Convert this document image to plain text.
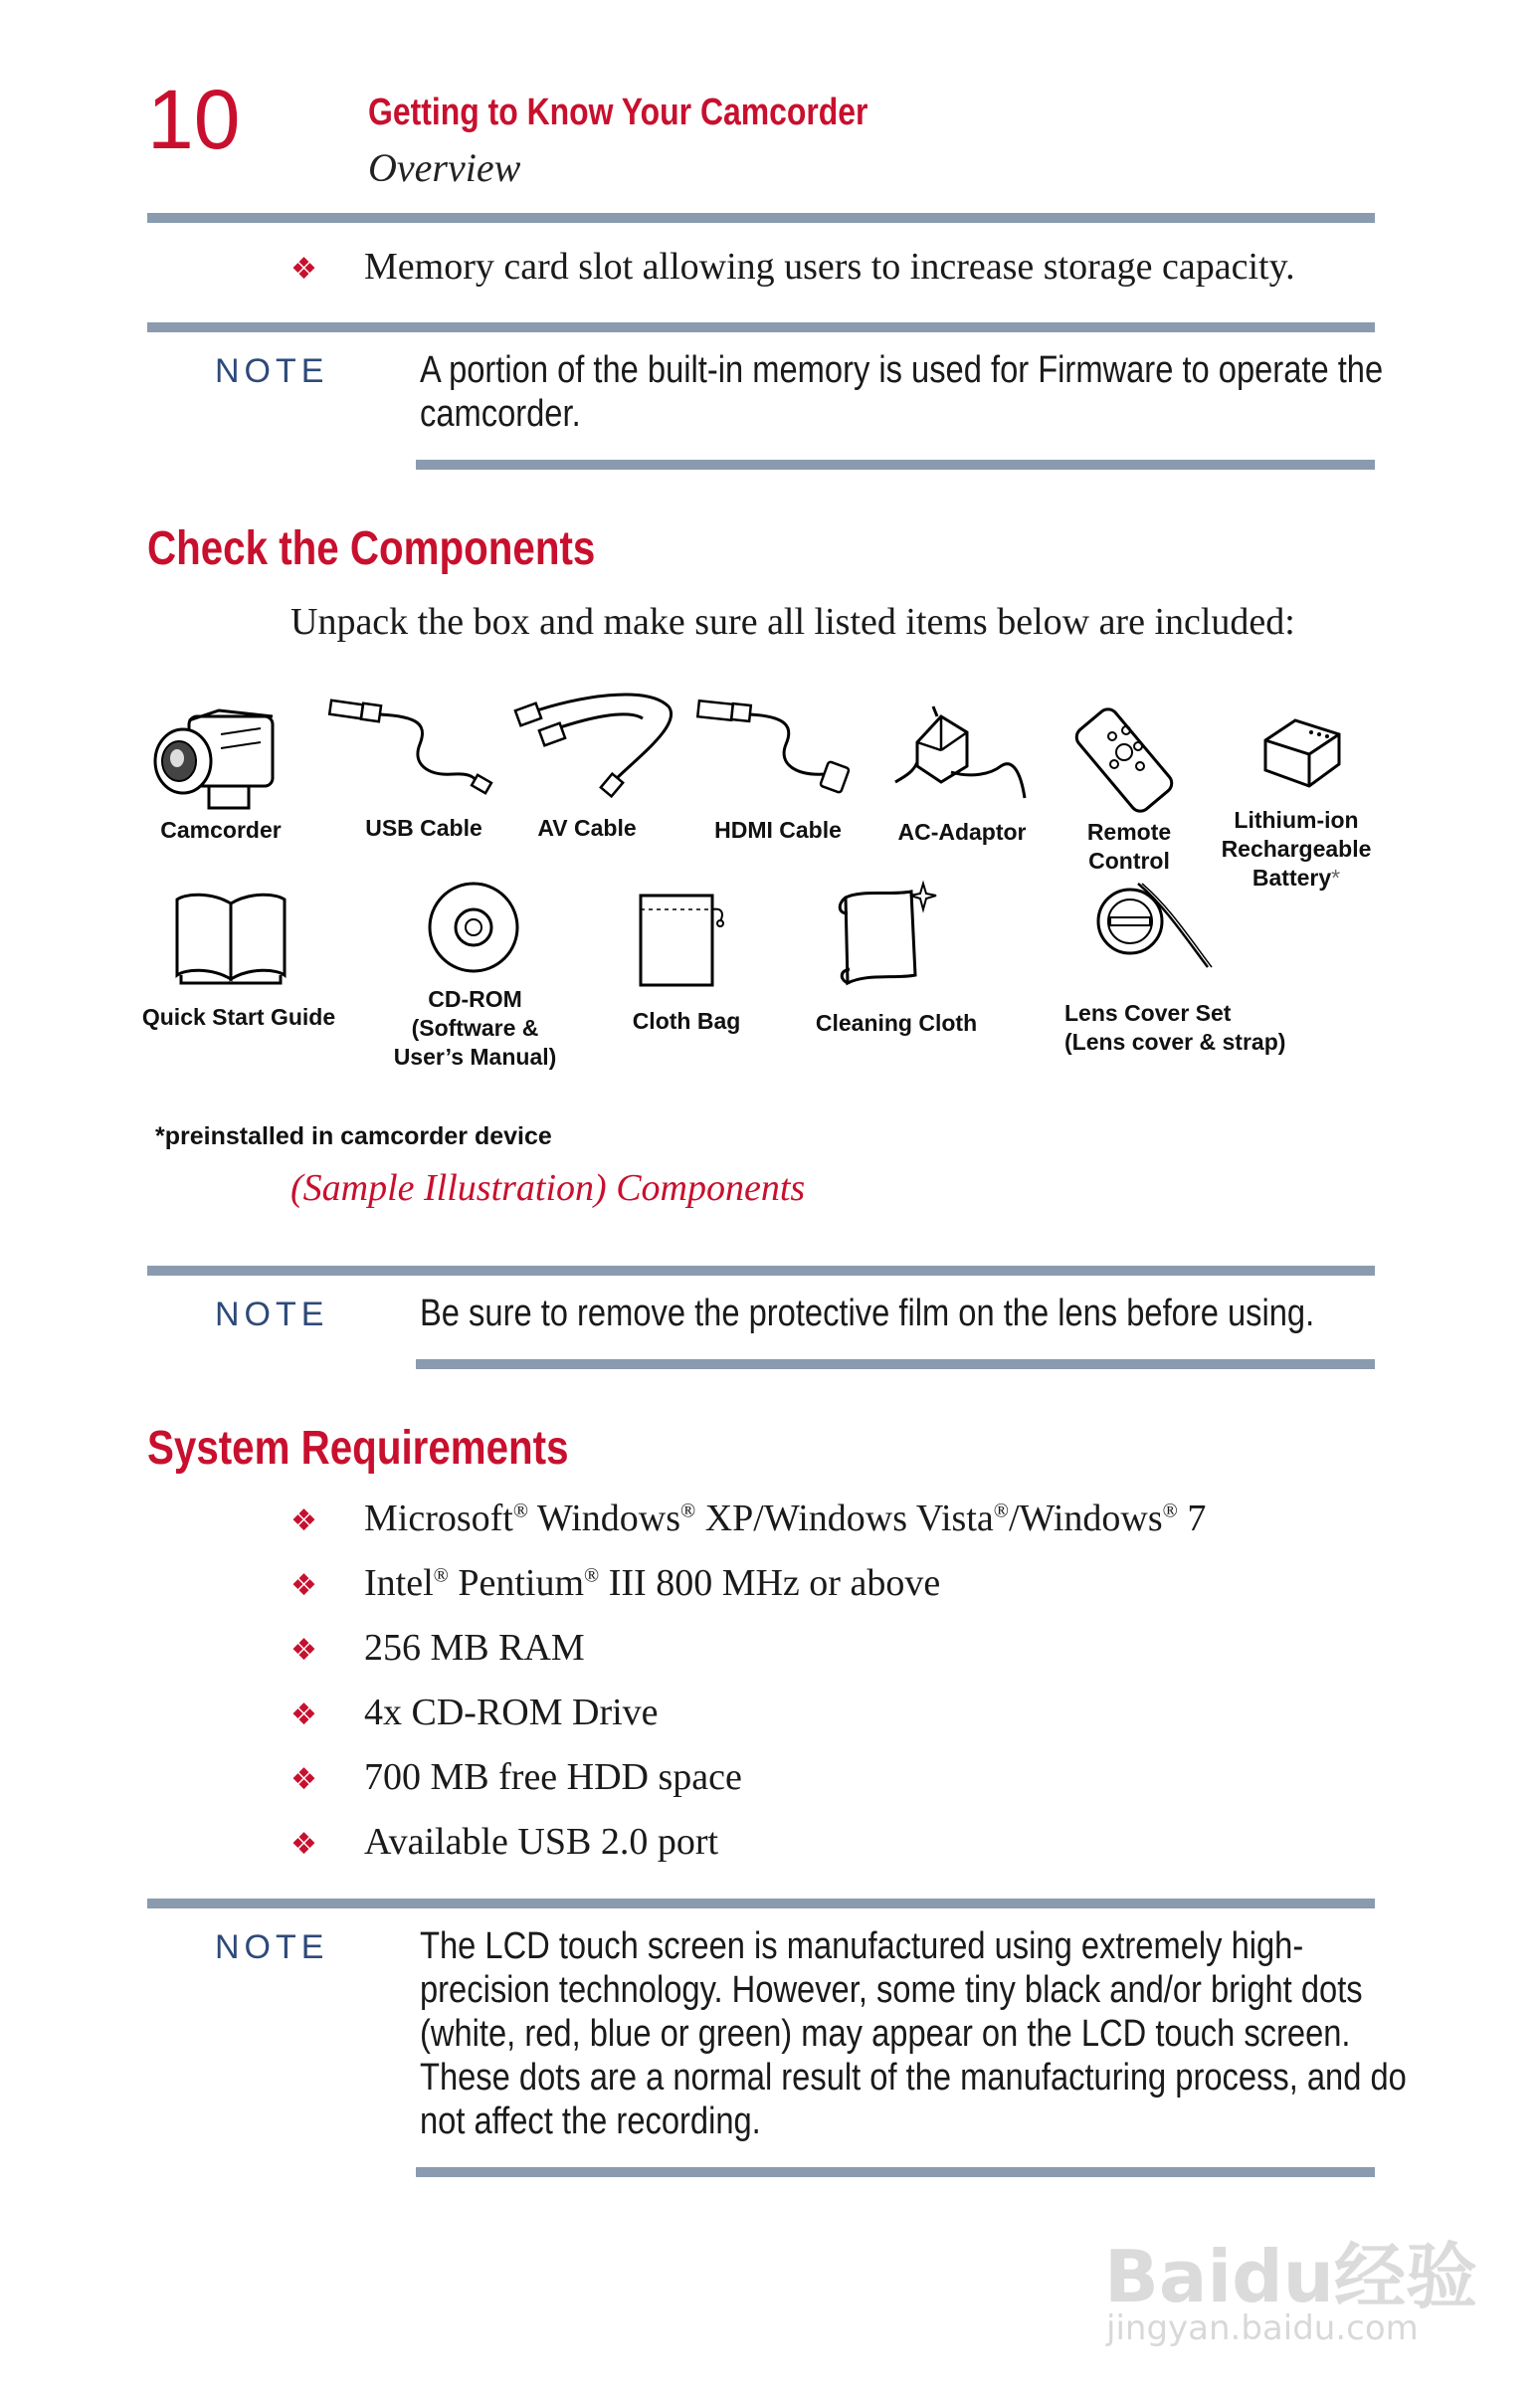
10	Getting to Know Your Camcorder
Overview
❖ Memory card slot allowing users to increase storage capacity.
NOTE A portion of the built-in memory is used for Firmware to operate the
camcorder.
Check the Components
Unpack the box and make sure all listed items below are included:
Camcorder	USB Cable	AV Cable	HDMI Cable	AC-Adaptor	Remote Control
Lithium-ion
Rechargeable
Battery*
Quick Start Guide
CD-ROM
(Software &
User’s Manual)
Cloth Bag	Cleaning Cloth	Lens Cover Set
(Lens cover & strap)
*preinstalled in camcorder device
(Sample Illustration) Components
NOTE Be sure to remove the protective film on the lens before using.
System Requirements
❖ Microsoft® Windows® XP/Windows Vista®/Windows® 7
❖ Intel® Pentium® III 800 MHz or above
❖ 256 MB RAM
❖ 4x CD-ROM Drive
❖ 700 MB free HDD space
❖ Available USB 2.0 port
NOTE The LCD touch screen is manufactured using extremely high-
precision technology. However, some tiny black and/or bright dots
(white, red, blue or green) may appear on the LCD touch screen.
These dots are a normal result of the manufacturing process, and do
not affect the recording.
Baidu经验
jingyan.baidu.com
